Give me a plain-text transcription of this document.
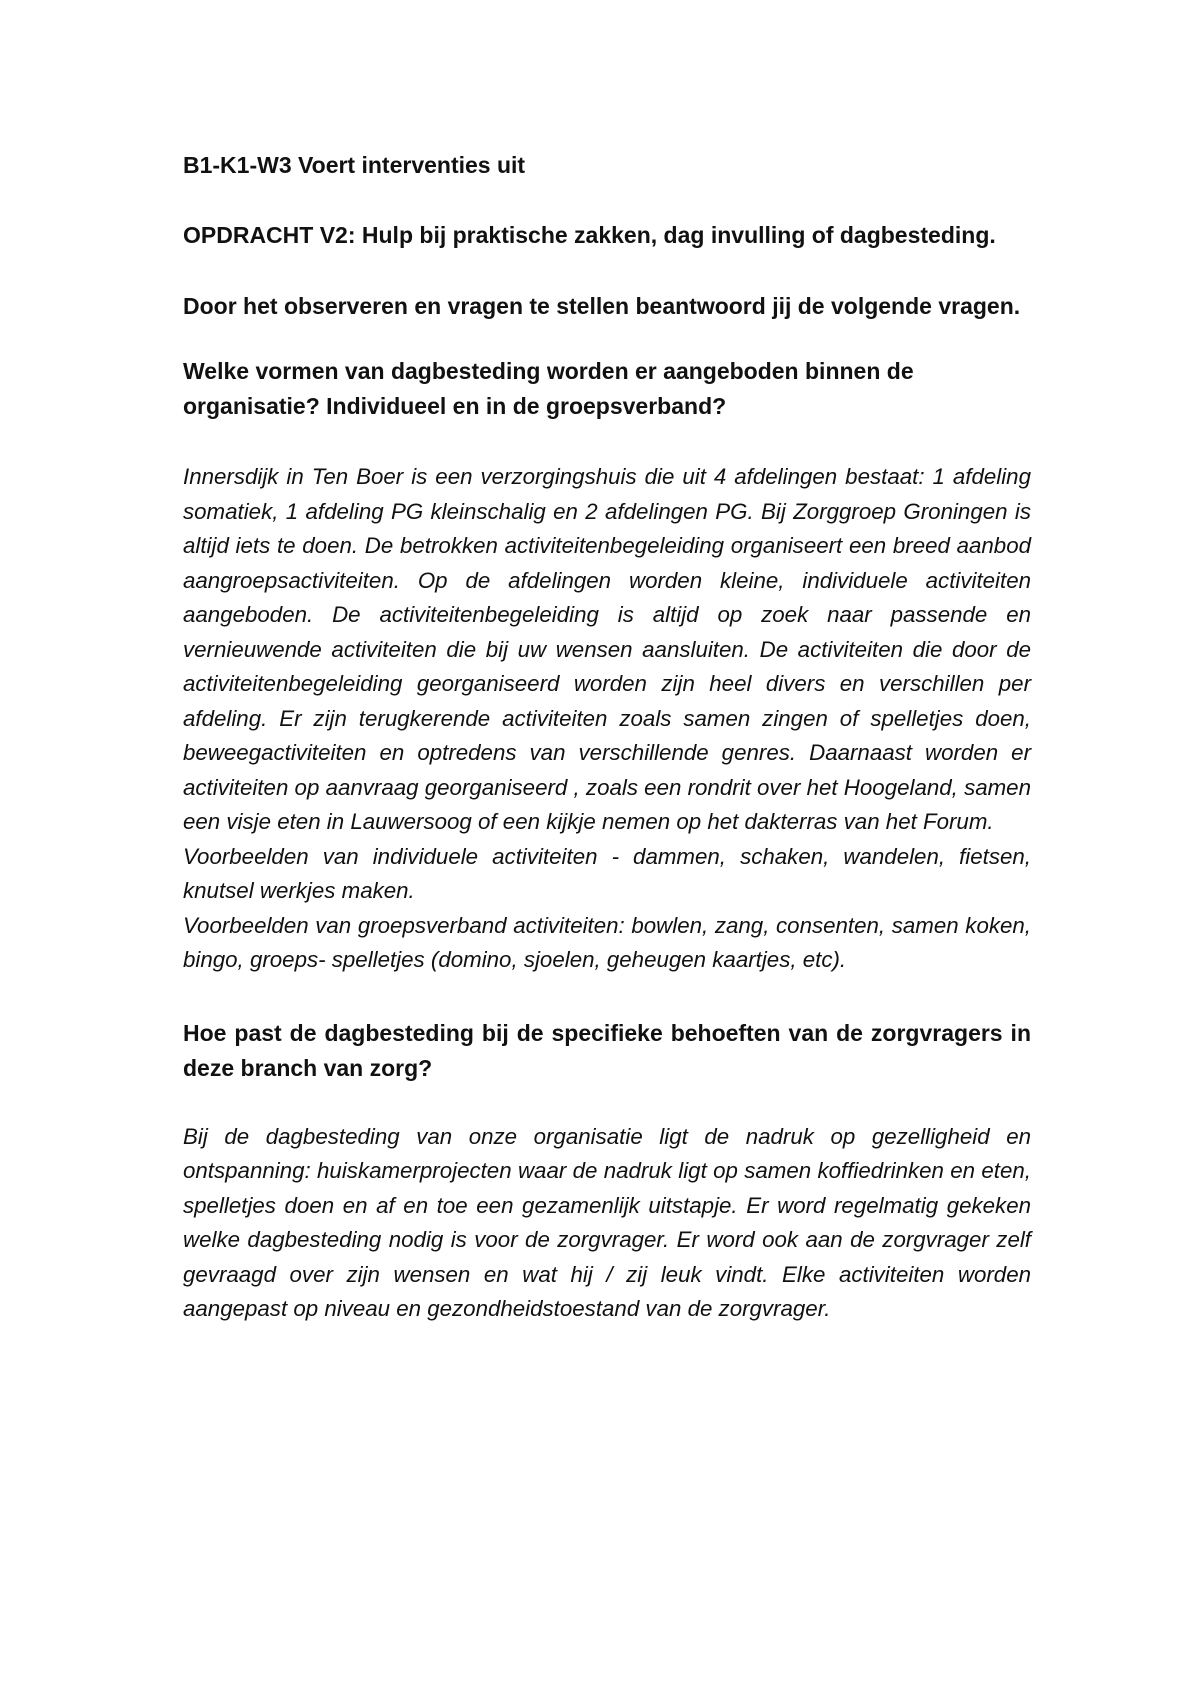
B1-K1-W3 Voert interventies uit
OPDRACHT V2: Hulp bij praktische zakken, dag invulling of dagbesteding.
Door het observeren en vragen te stellen beantwoord jij de volgende vragen.
Welke vormen van dagbesteding worden er aangeboden binnen de organisatie? Individueel en in de groepsverband?

Innersdijk in Ten Boer is een verzorgingshuis die uit 4 afdelingen bestaat: 1 afdeling somatiek, 1 afdeling PG kleinschalig en 2 afdelingen PG. Bij Zorggroep Groningen is altijd iets te doen. De betrokken activiteitenbegeleiding organiseert een breed aanbod aangroepsactiviteiten. Op de afdelingen worden kleine, individuele activiteiten aangeboden. De activiteitenbegeleiding is altijd op zoek naar passende en vernieuwende activiteiten die bij uw wensen aansluiten. De activiteiten die door de activiteitenbegeleiding georganiseerd worden zijn heel divers en verschillen per afdeling. Er zijn terugkerende activiteiten zoals samen zingen of spelletjes doen, beweegactiviteiten en optredens van verschillende genres. Daarnaast worden er activiteiten op aanvraag georganiseerd , zoals een rondrit over het Hoogeland, samen een visje eten in Lauwersoog of een kijkje nemen op het dakterras van het Forum.

Voorbeelden van individuele activiteiten - dammen, schaken, wandelen, fietsen, knutsel werkjes maken.

Voorbeelden van groepsverband activiteiten: bowlen, zang, consenten, samen koken, bingo, groeps- spelletjes (domino, sjoelen, geheugen kaartjes, etc).

Hoe past de dagbesteding bij de specifieke behoeften van de zorgvragers in deze branch van zorg?

Bij de dagbesteding van onze organisatie ligt de nadruk op gezelligheid en ontspanning: huiskamerprojecten waar de nadruk ligt op samen koffiedrinken en eten, spelletjes doen en af en toe een gezamenlijk uitstapje. Er word regelmatig gekeken welke dagbesteding nodig is voor de zorgvrager. Er word ook aan de zorgvrager zelf gevraagd over zijn wensen en wat hij / zij leuk vindt. Elke activiteiten worden aangepast op niveau en gezondheidstoestand van de zorgvrager.
